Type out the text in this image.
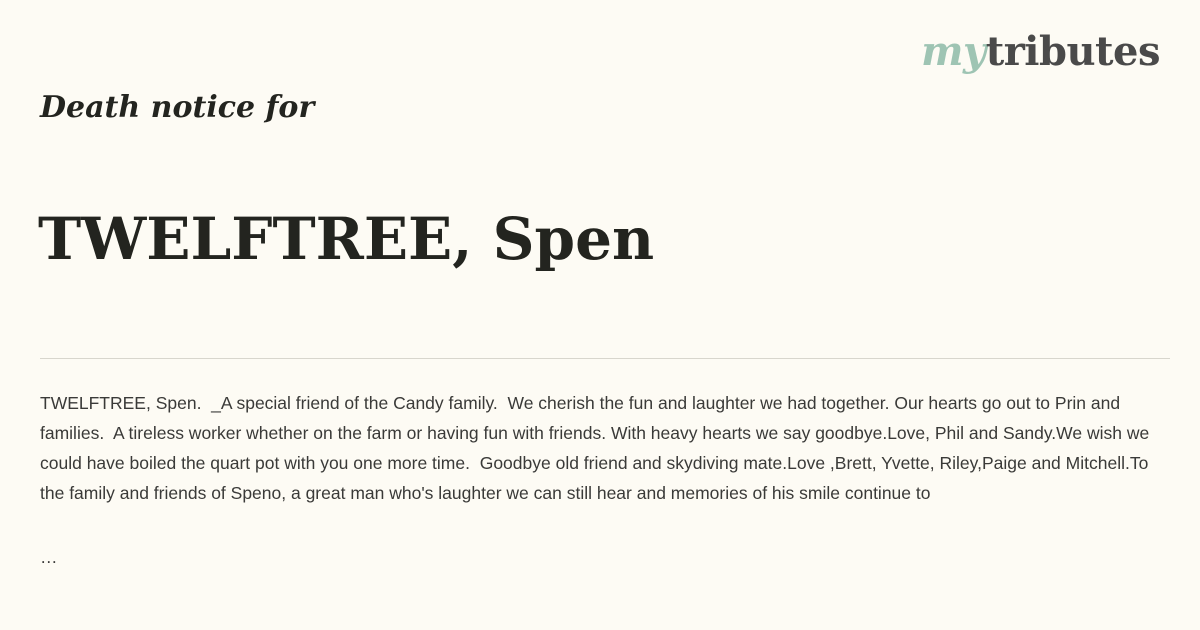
mytributes
Death notice for
TWELFTREE, Spen
TWELFTREE, Spen.  _A special friend of the Candy family.  We cherish the fun and laughter we had together. Our hearts go out to Prin and families.  A tireless worker whether on the farm or having fun with friends. With heavy hearts we say goodbye.Love, Phil and Sandy.We wish we could have boiled the quart pot with you one more time.  Goodbye old friend and skydiving mate.Love ,Brett, Yvette, Riley,Paige and Mitchell.To the family and friends of Speno, a great man who's laughter we can still hear and memories of his smile continue to
…
